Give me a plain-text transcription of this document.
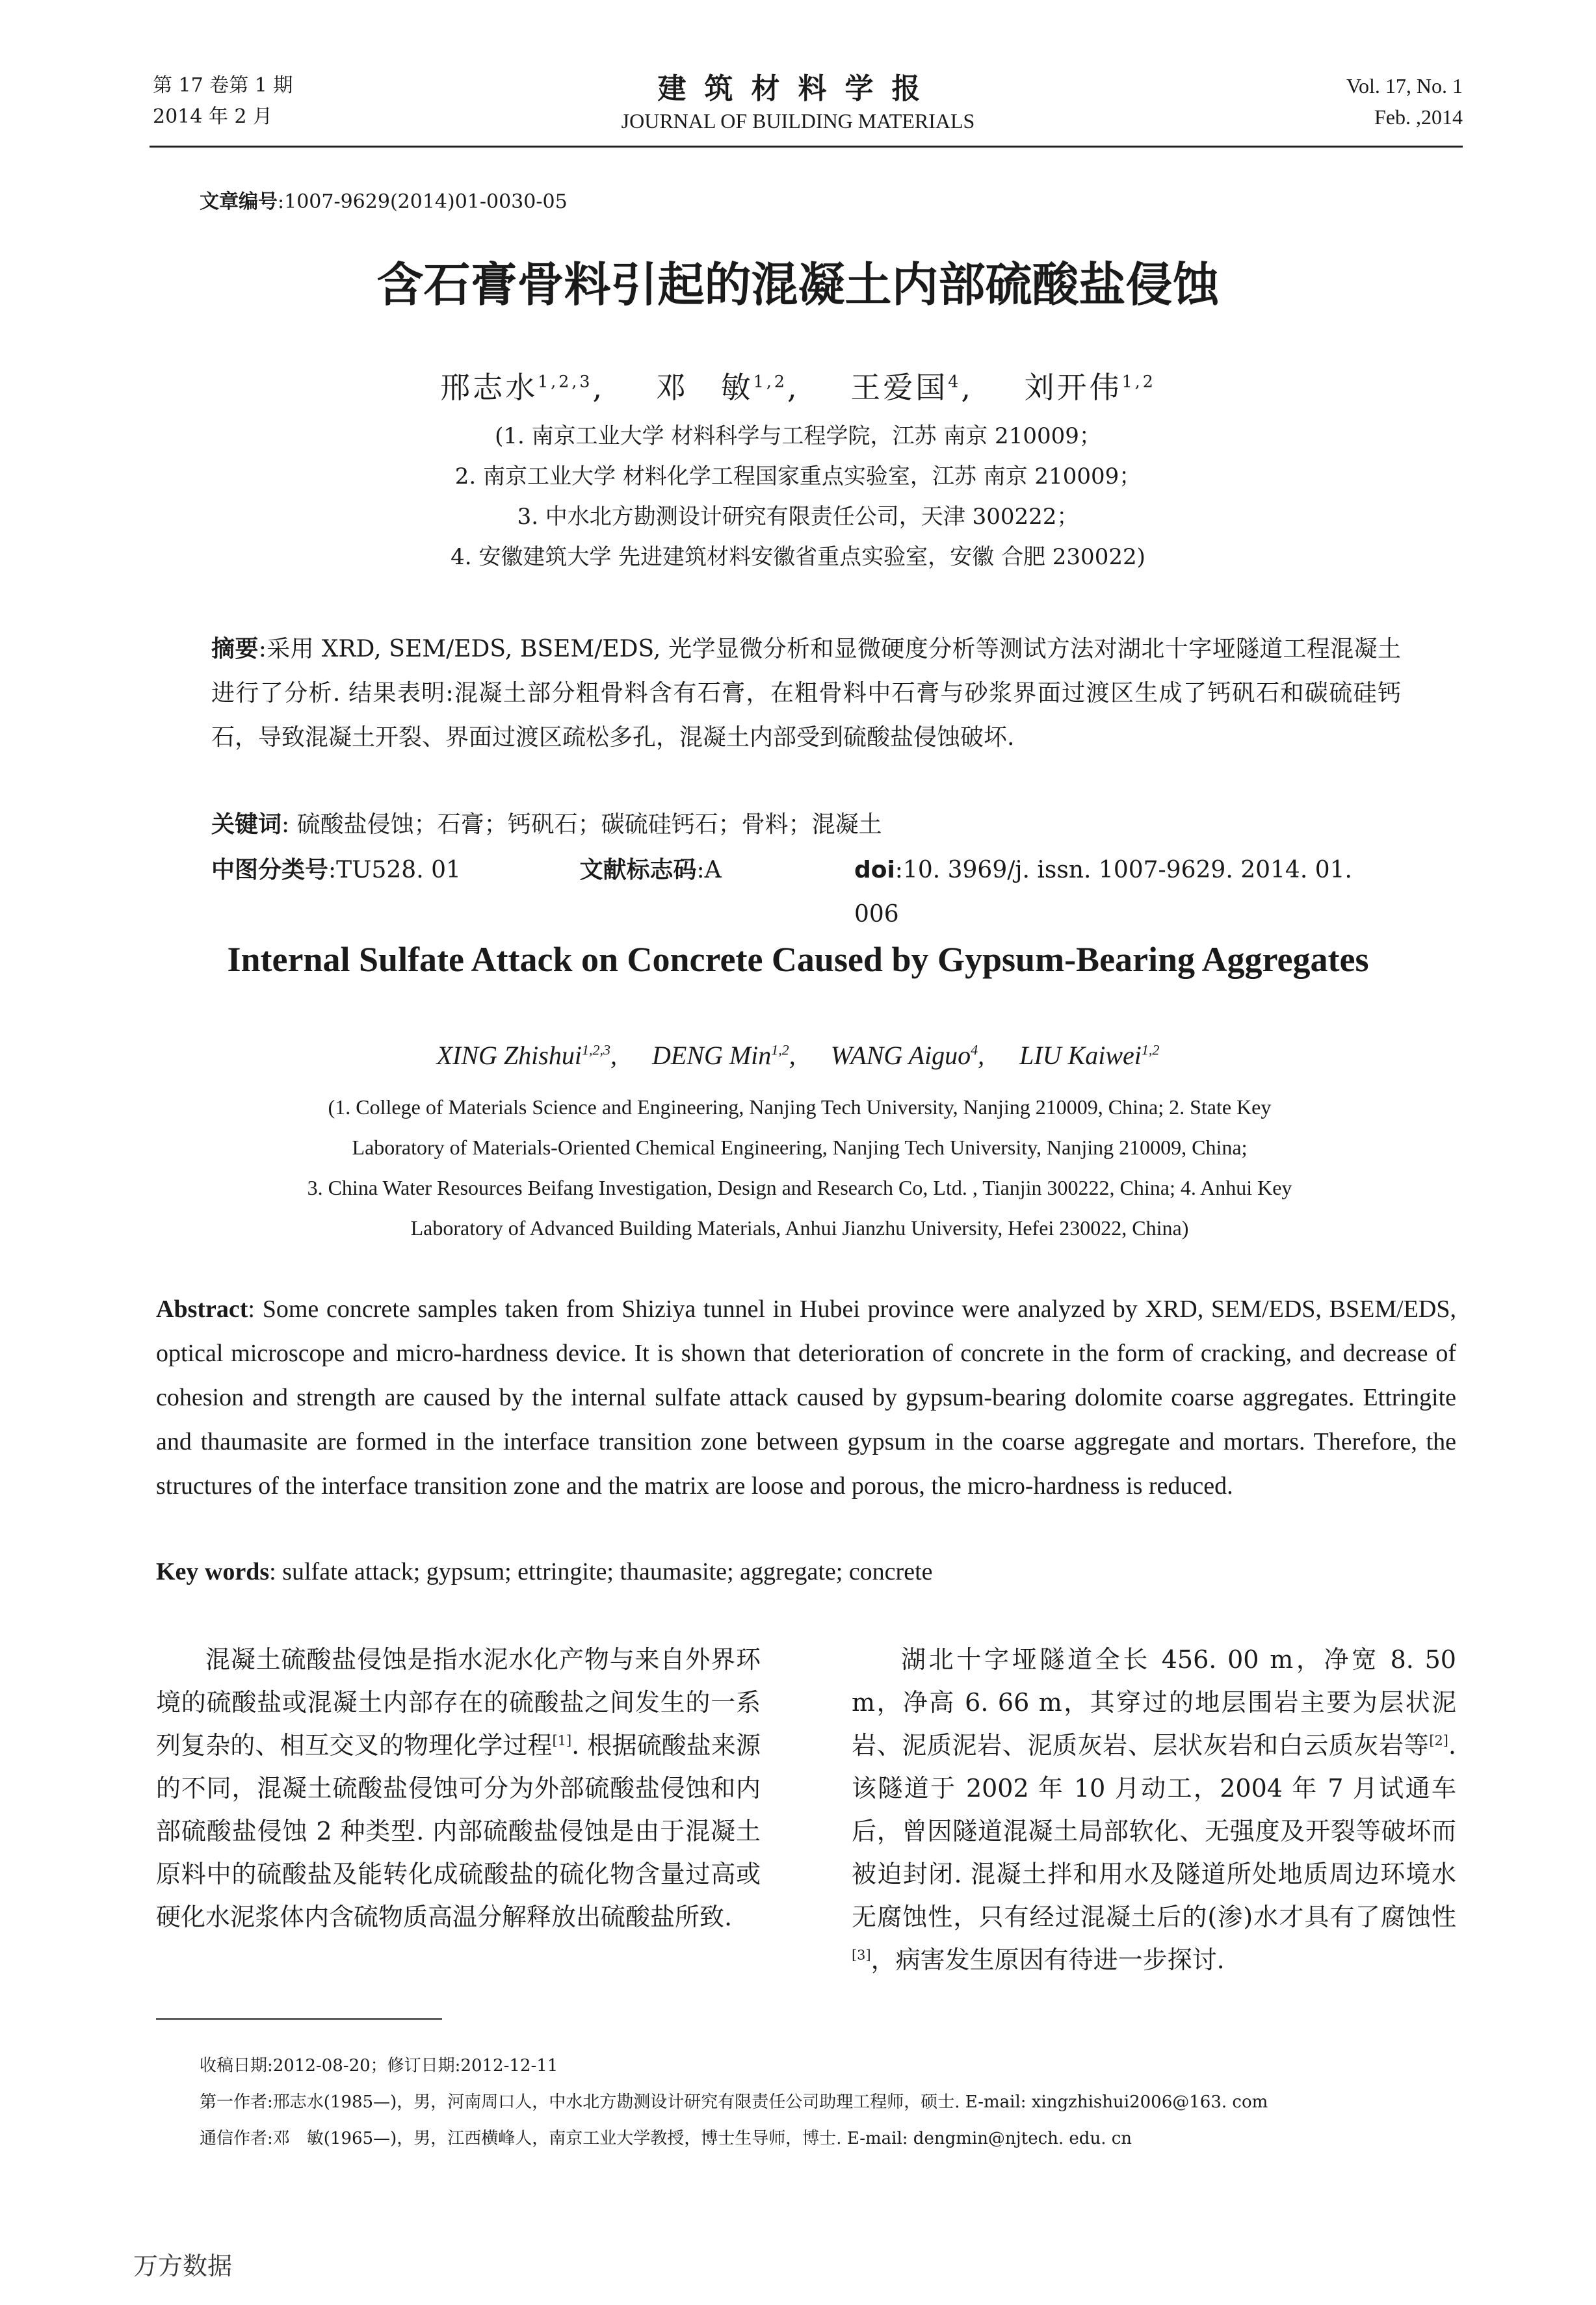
第 17 卷第 1 期
2014 年 2 月
建筑材料学报
JOURNAL OF BUILDING MATERIALS
Vol. 17, No. 1
Feb. ,2014
文章编号:1007-9629(2014)01-0030-05
含石膏骨料引起的混凝土内部硫酸盐侵蚀
邢志水$^{1,2,3}$, 邓　敏$^{1,2}$, 王爱国$^4$, 刘开伟$^{1,2}$
(1. 南京工业大学 材料科学与工程学院，江苏 南京 210009；
2. 南京工业大学 材料化学工程国家重点实验室，江苏 南京 210009；
3. 中水北方勘测设计研究有限责任公司，天津 300222；
4. 安徽建筑大学 先进建筑材料安徽省重点实验室，安徽 合肥 230022)
摘要:采用 XRD, SEM/EDS, BSEM/EDS, 光学显微分析和显微硬度分析等测试方法对湖北十字垭隧道工程混凝土进行了分析. 结果表明:混凝土部分粗骨料含有石膏，在粗骨料中石膏与砂浆界面过渡区生成了钙矾石和碳硫硅钙石，导致混凝土开裂、界面过渡区疏松多孔，混凝土内部受到硫酸盐侵蚀破坏.
关键词: 硫酸盐侵蚀；石膏；钙矾石；碳硫硅钙石；骨料；混凝土
中图分类号:TU528. 01	文献标志码:A	doi:10. 3969/j. issn. 1007-9629. 2014. 01. 006
Internal Sulfate Attack on Concrete Caused by Gypsum-Bearing Aggregates
XING Zhishui$^{1,2,3}$, DENG Min$^{1,2}$, WANG Aiguo$^4$, LIU Kaiwei$^{1,2}$
(1. College of Materials Science and Engineering, Nanjing Tech University, Nanjing 210009, China; 2. State Key
Laboratory of Materials-Oriented Chemical Engineering, Nanjing Tech University, Nanjing 210009, China;
3. China Water Resources Beifang Investigation, Design and Research Co, Ltd. , Tianjin 300222, China; 4. Anhui Key
Laboratory of Advanced Building Materials, Anhui Jianzhu University, Hefei 230022, China)
Abstract: Some concrete samples taken from Shiziya tunnel in Hubei province were analyzed by XRD, SEM/EDS, BSEM/EDS, optical microscope and micro-hardness device. It is shown that deterioration of concrete in the form of cracking, and decrease of cohesion and strength are caused by the internal sulfate attack caused by gypsum-bearing dolomite coarse aggregates. Ettringite and thaumasite are formed in the interface transition zone between gypsum in the coarse aggregate and mortars. Therefore, the structures of the interface transition zone and the matrix are loose and porous, the micro-hardness is reduced.
Key words: sulfate attack; gypsum; ettringite; thaumasite; aggregate; concrete

混凝土硫酸盐侵蚀是指水泥水化产物与来自外界环境的硫酸盐或混凝土内部存在的硫酸盐之间发生的一系列复杂的、相互交叉的物理化学过程[1]. 根据硫酸盐来源的不同，混凝土硫酸盐侵蚀可分为外部硫酸盐侵蚀和内部硫酸盐侵蚀 2 种类型. 内部硫酸盐侵蚀是由于混凝土原料中的硫酸盐及能转化成硫酸盐的硫化物含量过高或硬化水泥浆体内含硫物质高温分解释放出硫酸盐所致.

湖北十字垭隧道全长 456. 00 m，净宽 8. 50 m，净高 6. 66 m，其穿过的地层围岩主要为层状泥岩、泥质泥岩、泥质灰岩、层状灰岩和白云质灰岩等[2]. 该隧道于 2002 年 10 月动工，2004 年 7 月试通车后，曾因隧道混凝土局部软化、无强度及开裂等破坏而被迫封闭. 混凝土拌和用水及隧道所处地质周边环境水无腐蚀性，只有经过混凝土后的(渗)水才具有了腐蚀性[3]，病害发生原因有待进一步探讨.

收稿日期:2012-08-20；修订日期:2012-12-11
第一作者:邢志水(1985—)，男，河南周口人，中水北方勘测设计研究有限责任公司助理工程师，硕士. E-mail: xingzhishui2006@163. com
通信作者:邓　敏(1965—)，男，江西横峰人，南京工业大学教授，博士生导师，博士. E-mail: dengmin@njtech. edu. cn
万方数据
